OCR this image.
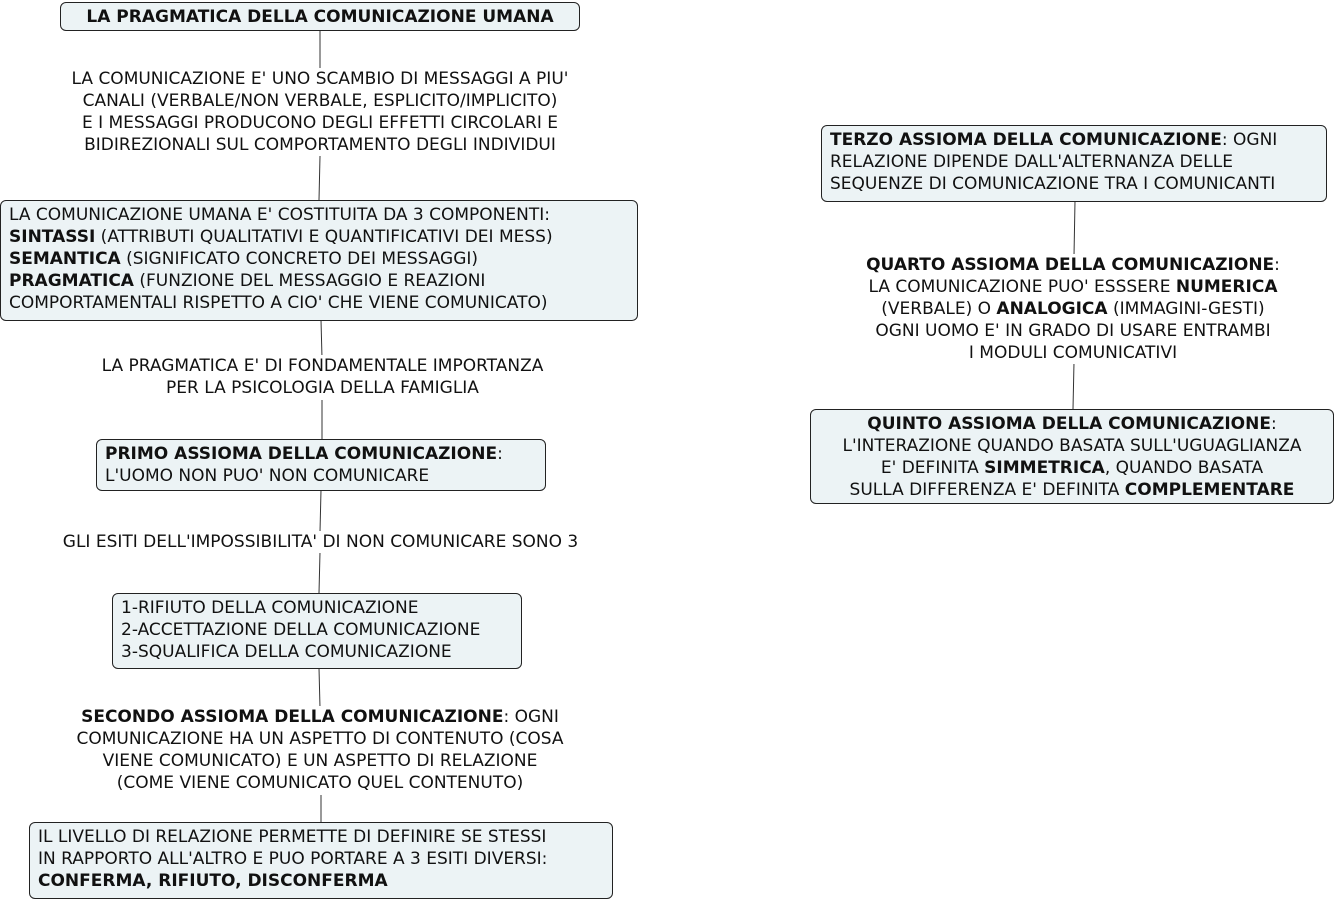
LA PRAGMATICA DELLA COMUNICAZIONE UMANA
LA COMUNICAZIONE E' UNO SCAMBIO DI MESSAGGI A PIU'
CANALI (VERBALE/NON VERBALE, ESPLICITO/IMPLICITO)
E I MESSAGGI PRODUCONO DEGLI EFFETTI CIRCOLARI E
BIDIREZIONALI SUL COMPORTAMENTO DEGLI INDIVIDUI
LA COMUNICAZIONE UMANA E' COSTITUITA DA 3 COMPONENTI:
SINTASSI (ATTRIBUTI QUALITATIVI E QUANTIFICATIVI DEI MESS)
SEMANTICA (SIGNIFICATO CONCRETO DEI MESSAGGI)
PRAGMATICA (FUNZIONE DEL MESSAGGIO E REAZIONI
COMPORTAMENTALI RISPETTO A CIO' CHE VIENE COMUNICATO)
LA PRAGMATICA E' DI FONDAMENTALE IMPORTANZA
PER LA PSICOLOGIA DELLA FAMIGLIA
PRIMO ASSIOMA DELLA COMUNICAZIONE:
L'UOMO NON PUO' NON COMUNICARE
GLI ESITI DELL'IMPOSSIBILITA' DI NON COMUNICARE SONO 3
1-RIFIUTO DELLA COMUNICAZIONE
2-ACCETTAZIONE DELLA COMUNICAZIONE
3-SQUALIFICA DELLA COMUNICAZIONE
SECONDO ASSIOMA DELLA COMUNICAZIONE: OGNI
COMUNICAZIONE HA UN ASPETTO DI CONTENUTO (COSA
VIENE COMUNICATO) E UN ASPETTO DI RELAZIONE
(COME VIENE COMUNICATO QUEL CONTENUTO)
IL LIVELLO DI RELAZIONE PERMETTE DI DEFINIRE SE STESSI
IN RAPPORTO ALL'ALTRO E PUO PORTARE A 3 ESITI DIVERSI:
CONFERMA, RIFIUTO, DISCONFERMA
TERZO ASSIOMA DELLA COMUNICAZIONE: OGNI
RELAZIONE DIPENDE DALL'ALTERNANZA DELLE
SEQUENZE DI COMUNICAZIONE TRA I COMUNICANTI
QUARTO ASSIOMA DELLA COMUNICAZIONE:
LA COMUNICAZIONE PUO' ESSSERE NUMERICA
(VERBALE) O ANALOGICA (IMMAGINI-GESTI)
OGNI UOMO E' IN GRADO DI USARE ENTRAMBI
I MODULI COMUNICATIVI
QUINTO ASSIOMA DELLA COMUNICAZIONE:
L'INTERAZIONE QUANDO BASATA SULL'UGUAGLIANZA
E' DEFINITA SIMMETRICA, QUANDO BASATA
SULLA DIFFERENZA E' DEFINITA COMPLEMENTARE
